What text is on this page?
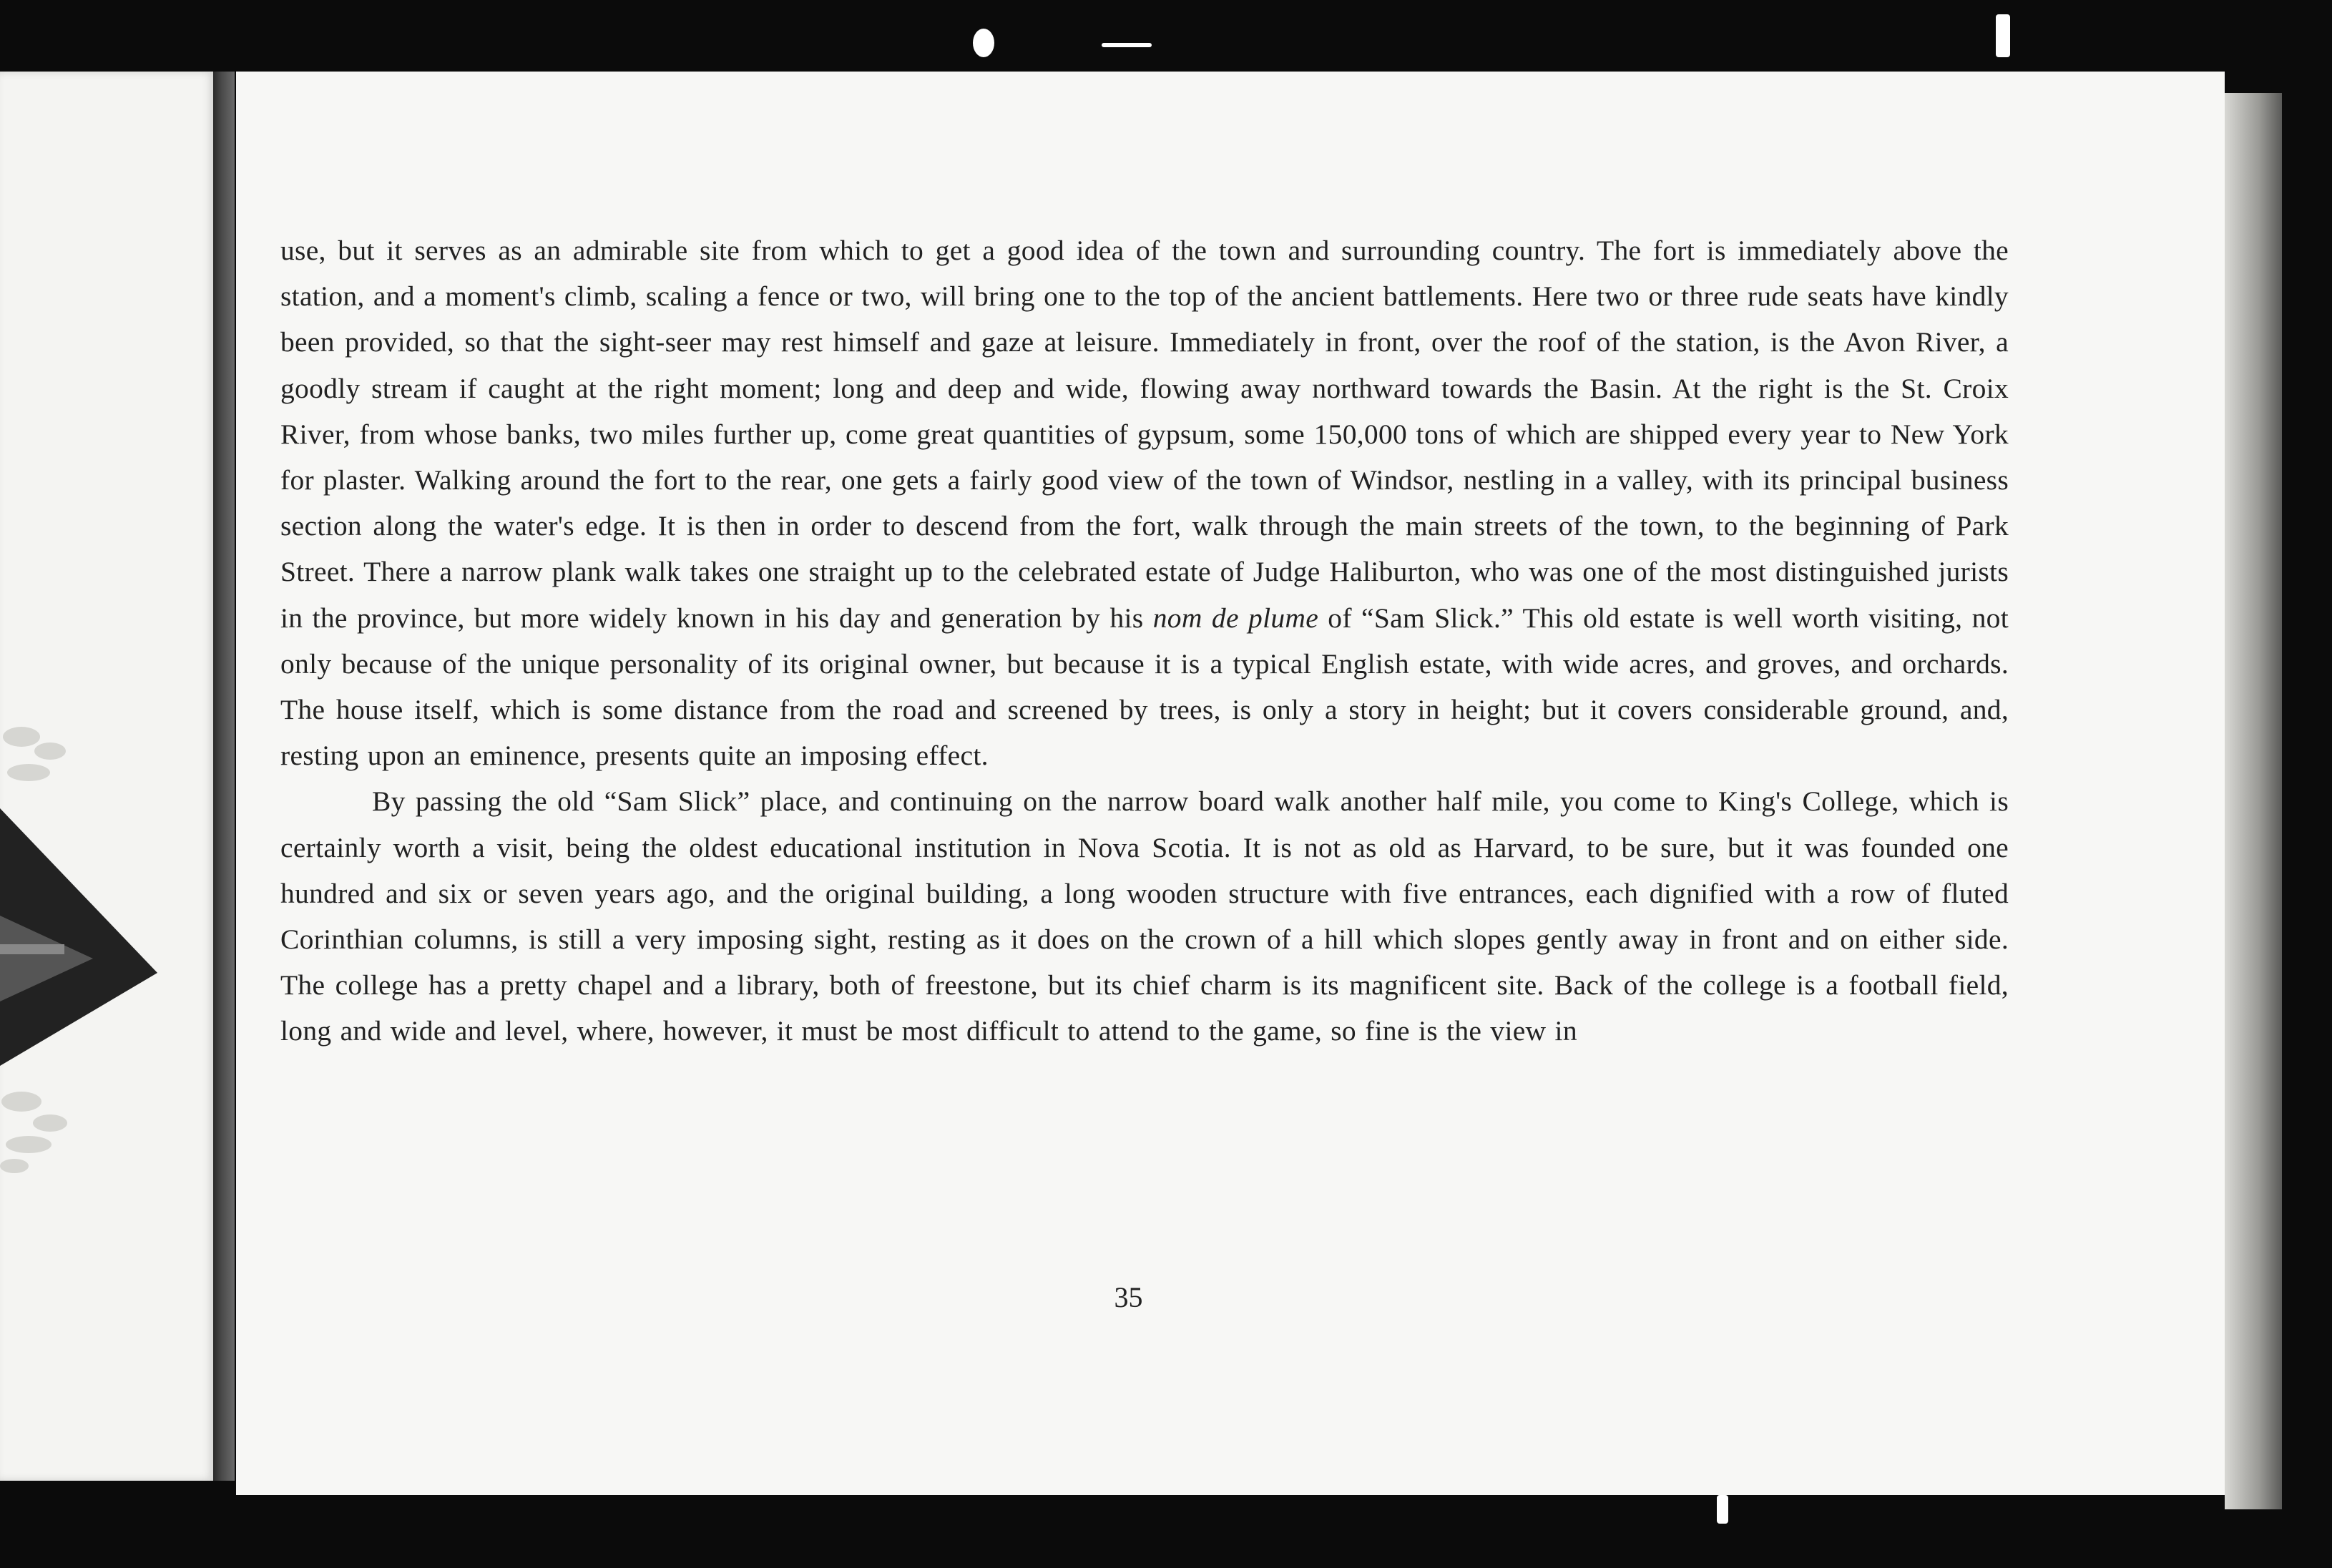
use, but it serves as an admirable site from which to get a good idea of the town and surrounding country. The fort is immediately above the station, and a moment's climb, scaling a fence or two, will bring one to the top of the ancient battlements. Here two or three rude seats have kindly been provided, so that the sight-seer may rest himself and gaze at leisure. Immediately in front, over the roof of the station, is the Avon River, a goodly stream if caught at the right moment; long and deep and wide, flowing away northward towards the Basin. At the right is the St. Croix River, from whose banks, two miles further up, come great quantities of gypsum, some 150,000 tons of which are shipped every year to New York for plaster. Walking around the fort to the rear, one gets a fairly good view of the town of Windsor, nestling in a valley, with its principal business section along the water's edge. It is then in order to descend from the fort, walk through the main streets of the town, to the beginning of Park Street. There a narrow plank walk takes one straight up to the celebrated estate of Judge Haliburton, who was one of the most distinguished jurists in the province, but more widely known in his day and generation by his nom de plume of “Sam Slick.” This old estate is well worth visiting, not only because of the unique personality of its original owner, but because it is a typical English estate, with wide acres, and groves, and orchards. The house itself, which is some distance from the road and screened by trees, is only a story in height; but it covers considerable ground, and, resting upon an eminence, presents quite an imposing effect.

By passing the old “Sam Slick” place, and continuing on the narrow board walk another half mile, you come to King's College, which is certainly worth a visit, being the oldest educational institution in Nova Scotia. It is not as old as Harvard, to be sure, but it was founded one hundred and six or seven years ago, and the original building, a long wooden structure with five entrances, each dignified with a row of fluted Corinthian columns, is still a very imposing sight, resting as it does on the crown of a hill which slopes gently away in front and on either side. The college has a pretty chapel and a library, both of freestone, but its chief charm is its magnificent site. Back of the college is a football field, long and wide and level, where, however, it must be most difficult to attend to the game, so fine is the view in

35
